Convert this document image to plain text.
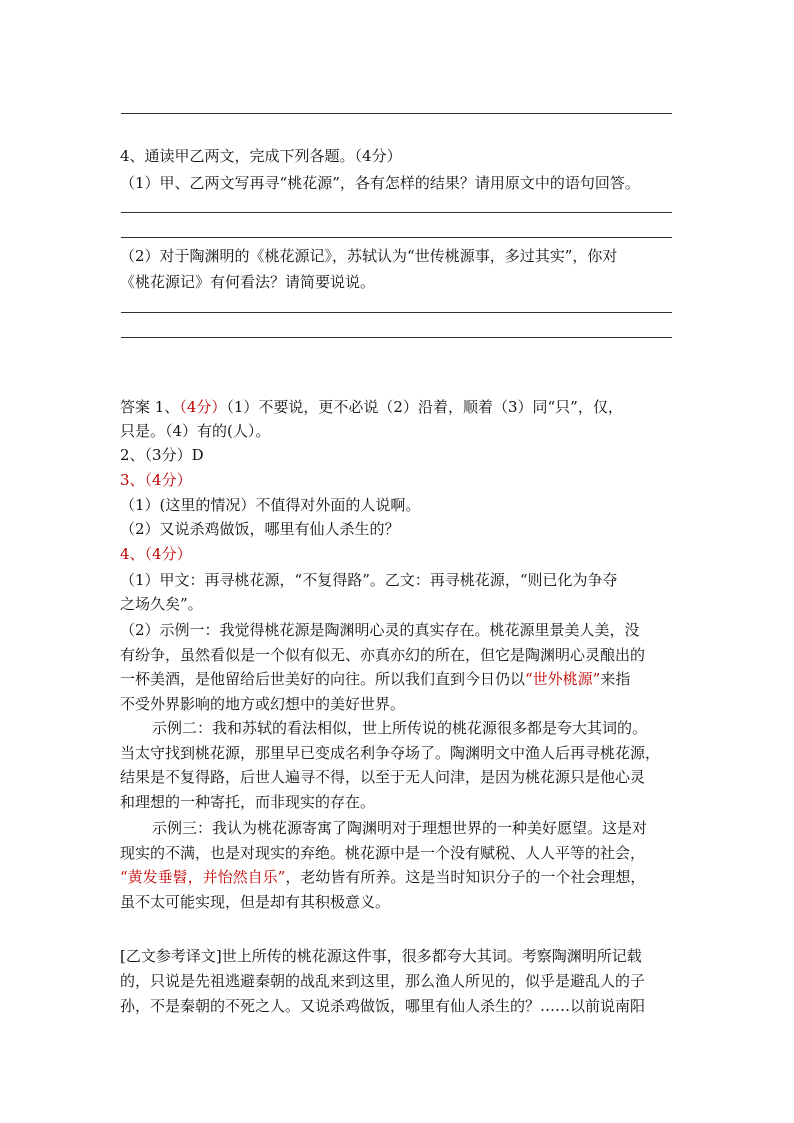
4、通读甲乙两文，完成下列各题。（4分）
（1）甲、乙两文写再寻“桃花源”，各有怎样的结果？请用原文中的语句回答。
（2）对于陶渊明的《桃花源记》，苏轼认为“世传桃源事，多过其实”，你对
《桃花源记》有何看法？请简要说说。
答案 1、（4分）（1）不要说，更不必说（2）沿着，顺着（3）同“只”，仅，
只是。（4）有的(人）。
2、（3分）D
3、（4分）
（1）(这里的情况）不值得对外面的人说啊。
（2）又说杀鸡做饭，哪里有仙人杀生的？
4、（4分）
（1）甲文：再寻桃花源，“不复得路”。乙文：再寻桃花源，“则已化为争夺
之场久矣”。
（2）示例一：我觉得桃花源是陶渊明心灵的真实存在。桃花源里景美人美，没
有纷争，虽然看似是一个似有似无、亦真亦幻的所在，但它是陶渊明心灵酿出的
一杯美酒，是他留给后世美好的向往。所以我们直到今日仍以“世外桃源”来指
不受外界影响的地方或幻想中的美好世界。
示例二：我和苏轼的看法相似，世上所传说的桃花源很多都是夸大其词的。
当太守找到桃花源，那里早已变成名利争夺场了。陶渊明文中渔人后再寻桃花源，
结果是不复得路，后世人遍寻不得，以至于无人问津，是因为桃花源只是他心灵
和理想的一种寄托，而非现实的存在。
示例三：我认为桃花源寄寓了陶渊明对于理想世界的一种美好愿望。这是对
现实的不满，也是对现实的弃绝。桃花源中是一个没有赋税、人人平等的社会，
“黄发垂髫，并怡然自乐”，老幼皆有所养。这是当时知识分子的一个社会理想，
虽不太可能实现，但是却有其积极意义。
[乙文参考译文]世上所传的桃花源这件事，很多都夸大其词。考察陶渊明所记载
的，只说是先祖逃避秦朝的战乱来到这里，那么渔人所见的，似乎是避乱人的子
孙，不是秦朝的不死之人。又说杀鸡做饭，哪里有仙人杀生的？……以前说南阳
